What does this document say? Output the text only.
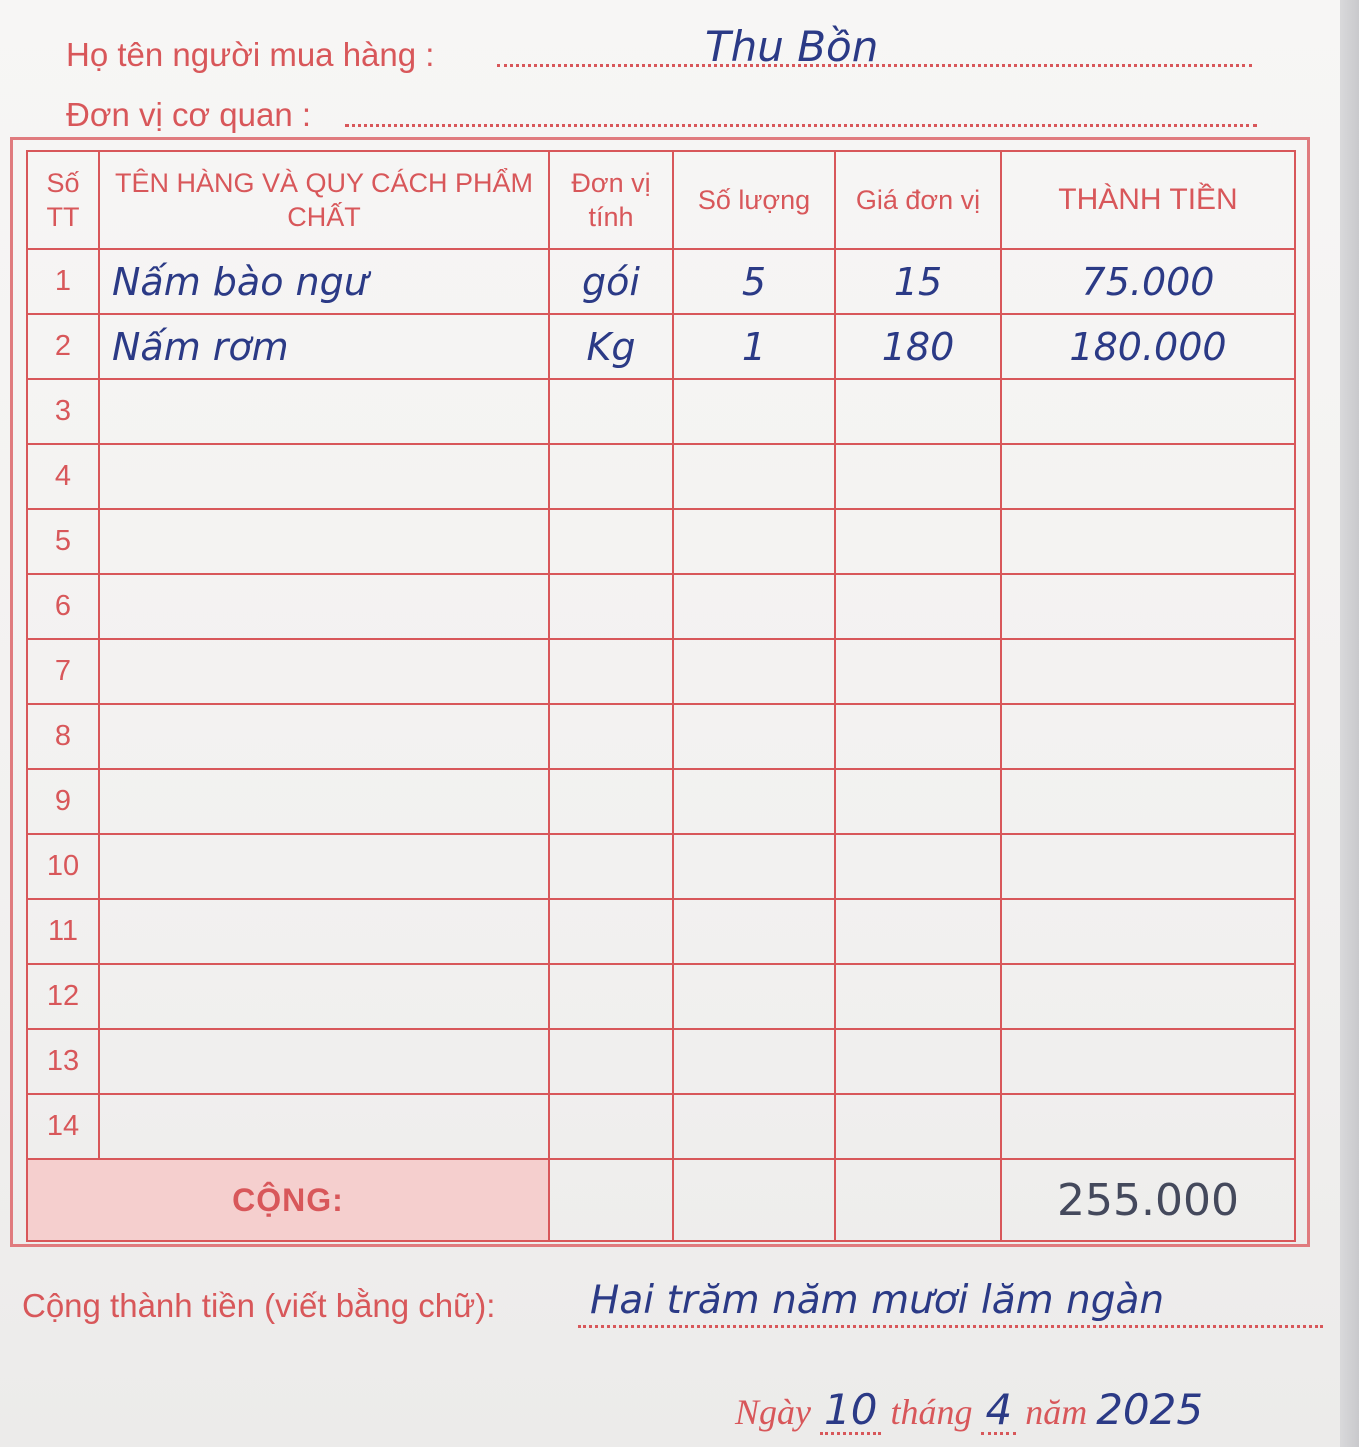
Họ tên người mua hàng :	Thu Bồn
Đơn vị cơ quan :
Số TT	TÊN HÀNG VÀ QUY CÁCH PHẨM CHẤT	Đơn vị tính	Số lượng	Giá đơn vị	THÀNH TIỀN
1	Nấm bào ngư	gói	5	15	75.000
2	Nấm rơm	Kg	1	180	180.000
3					
4					
5					
6					
7					
8					
9					
10					
11					
12					
13					
14					
CỘNG:					255.000
Cộng thành tiền (viết bằng chữ): Hai trăm năm mươi lăm ngàn
Ngày 10 tháng 4 năm 2025
